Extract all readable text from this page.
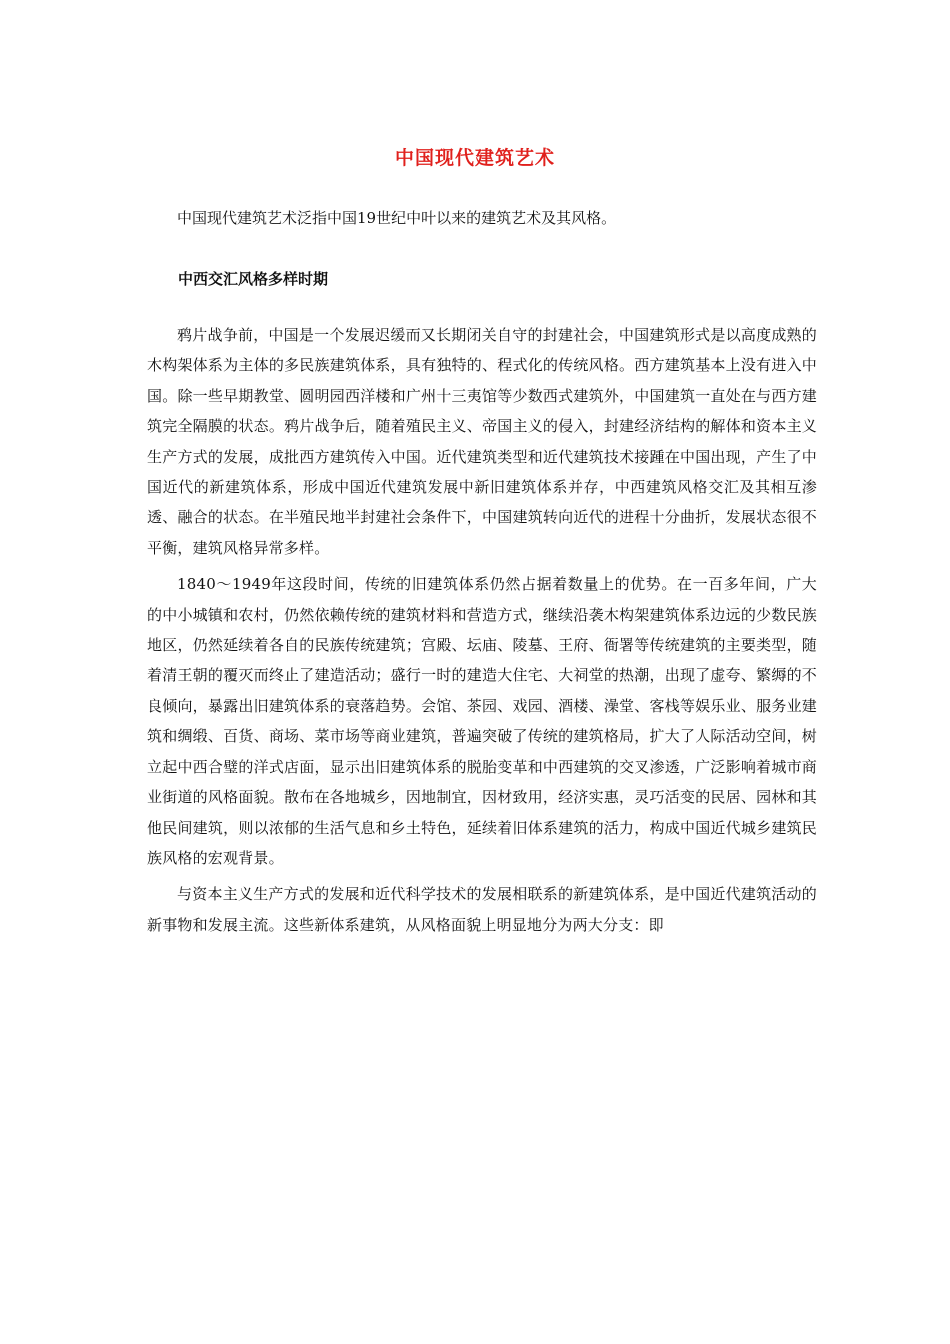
中国现代建筑艺术

中国现代建筑艺术泛指中国19世纪中叶以来的建筑艺术及其风格。

中西交汇风格多样时期

鸦片战争前，中国是一个发展迟缓而又长期闭关自守的封建社会，中国建筑形式是以高度成熟的木构架体系为主体的多民族建筑体系，具有独特的、程式化的传统风格。西方建筑基本上没有进入中国。除一些早期教堂、圆明园西洋楼和广州十三夷馆等少数西式建筑外，中国建筑一直处在与西方建筑完全隔膜的状态。鸦片战争后，随着殖民主义、帝国主义的侵入，封建经济结构的解体和资本主义生产方式的发展，成批西方建筑传入中国。近代建筑类型和近代建筑技术接踵在中国出现，产生了中国近代的新建筑体系，形成中国近代建筑发展中新旧建筑体系并存，中西建筑风格交汇及其相互渗透、融合的状态。在半殖民地半封建社会条件下，中国建筑转向近代的进程十分曲折，发展状态很不平衡，建筑风格异常多样。

1840～1949年这段时间，传统的旧建筑体系仍然占据着数量上的优势。在一百多年间，广大的中小城镇和农村，仍然依赖传统的建筑材料和营造方式，继续沿袭木构架建筑体系边远的少数民族地区，仍然延续着各自的民族传统建筑；宫殿、坛庙、陵墓、王府、衙署等传统建筑的主要类型，随着清王朝的覆灭而终止了建造活动；盛行一时的建造大住宅、大祠堂的热潮，出现了虚夸、繁缛的不良倾向，暴露出旧建筑体系的衰落趋势。会馆、茶园、戏园、酒楼、澡堂、客栈等娱乐业、服务业建筑和绸缎、百货、商场、菜市场等商业建筑，普遍突破了传统的建筑格局，扩大了人际活动空间，树立起中西合璧的洋式店面，显示出旧建筑体系的脱胎变革和中西建筑的交叉渗透，广泛影响着城市商业街道的风格面貌。散布在各地城乡，因地制宜，因材致用，经济实惠，灵巧活变的民居、园林和其他民间建筑，则以浓郁的生活气息和乡土特色，延续着旧体系建筑的活力，构成中国近代城乡建筑民族风格的宏观背景。

与资本主义生产方式的发展和近代科学技术的发展相联系的新建筑体系，是中国近代建筑活动的新事物和发展主流。这些新体系建筑，从风格面貌上明显地分为两大分支：即
